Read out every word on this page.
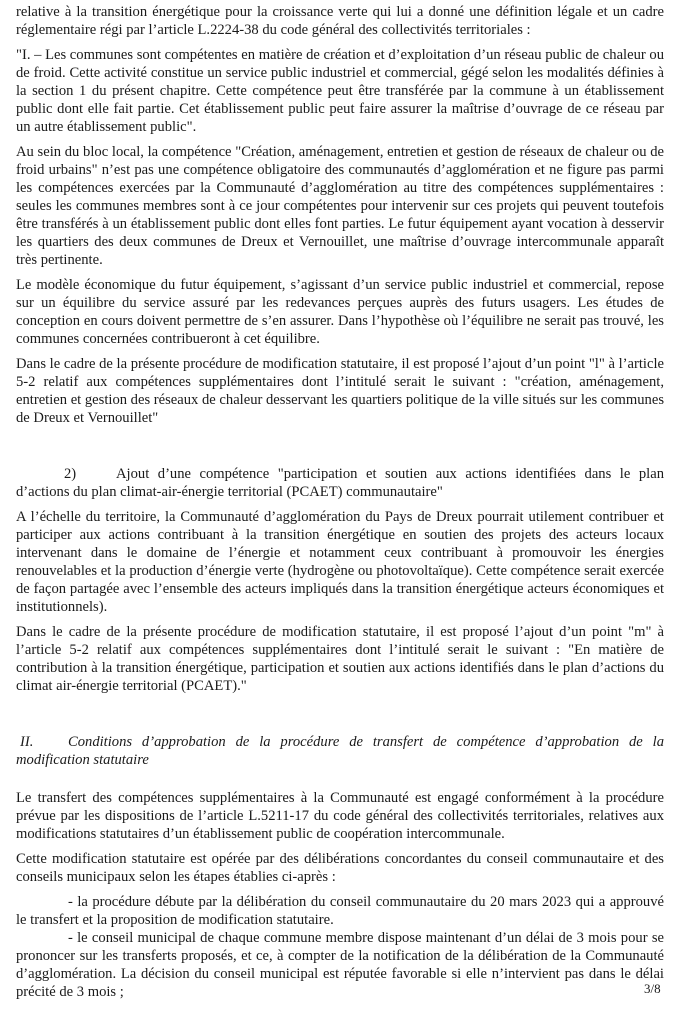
relative à la transition énergétique pour la croissance verte qui lui a donné une définition légale et un cadre réglementaire régi par l’article L.2224-38 du code général des collectivités territoriales :

"I. – Les communes sont compétentes en matière de création et d’exploitation d’un réseau public de chaleur ou de froid. Cette activité constitue un service public industriel et commercial, gégé selon les modalités définies à la section 1 du présent chapitre. Cette compétence peut être transférée par la commune à un établissement public dont elle fait partie. Cet établissement public peut faire assurer la maîtrise d’ouvrage de ce réseau par un autre établissement public".

Au sein du bloc local, la compétence "Création, aménagement, entretien et gestion de réseaux de chaleur ou de froid urbains" n’est pas une compétence obligatoire des communautés d’agglomération et ne figure pas parmi les compétences exercées par la Communauté d’agglomération au titre des compétences supplémentaires : seules les communes membres sont à ce jour compétentes pour intervenir sur ces projets qui peuvent toutefois être transférés à un établissement public dont elles font parties. Le futur équipement ayant vocation à desservir les quartiers des deux communes de Dreux et Vernouillet, une maîtrise d’ouvrage intercommunale apparaît très pertinente.

Le modèle économique du futur équipement, s’agissant d’un service public industriel et commercial, repose sur un équilibre du service assuré par les redevances perçues auprès des futurs usagers. Les études de conception en cours doivent permettre de s’en assurer. Dans l’hypothèse où l’équilibre ne serait pas trouvé, les communes concernées contribueront à cet équilibre.

Dans le cadre de la présente procédure de modification statutaire, il est proposé l’ajout d’un point "l" à l’article 5-2 relatif aux compétences supplémentaires dont l’intitulé serait le suivant : "création, aménagement, entretien et gestion des réseaux de chaleur desservant les quartiers politique de la ville situés sur les communes de Dreux et Vernouillet"

2)	Ajout d’une compétence "participation et soutien aux actions identifiées dans le plan d’actions du plan climat-air-énergie territorial (PCAET) communautaire"

A l’échelle du territoire, la Communauté d’agglomération du Pays de Dreux pourrait utilement contribuer et participer aux actions contribuant à la transition énergétique en soutien des projets des acteurs locaux intervenant dans le domaine de l’énergie et notamment ceux contribuant à promouvoir les énergies renouvelables et la production d’énergie verte (hydrogène ou photovoltaïque). Cette compétence serait exercée de façon partagée avec l’ensemble des acteurs impliqués dans la transition énergétique acteurs économiques et institutionnels).

Dans le cadre de la présente procédure de modification statutaire, il est proposé l’ajout d’un point "m" à l’article 5-2 relatif aux compétences supplémentaires dont l’intitulé serait le suivant : "En matière de contribution à la transition énergétique, participation et soutien aux actions identifiés dans le plan d’actions du climat air-énergie territorial (PCAET)."

II. Conditions d’approbation de la procédure de transfert de compétence d’approbation de la modification statutaire

Le transfert des compétences supplémentaires à la Communauté est engagé conformément à la procédure prévue par les dispositions de l’article L.5211-17 du code général des collectivités territoriales, relatives aux modifications statutaires d’un établissement public de coopération intercommunale.

Cette modification statutaire est opérée par des délibérations concordantes du conseil communautaire et des conseils municipaux selon les étapes établies ci-après :

- la procédure débute par la délibération du conseil communautaire du 20 mars 2023 qui a approuvé le transfert et la proposition de modification statutaire.

- le conseil municipal de chaque commune membre dispose maintenant d’un délai de 3 mois pour se prononcer sur les transferts proposés, et ce, à compter de la notification de la délibération de la Communauté d’agglomération. La décision du conseil municipal est réputée favorable si elle n’intervient pas dans le délai précité de 3 mois ;	3/8
